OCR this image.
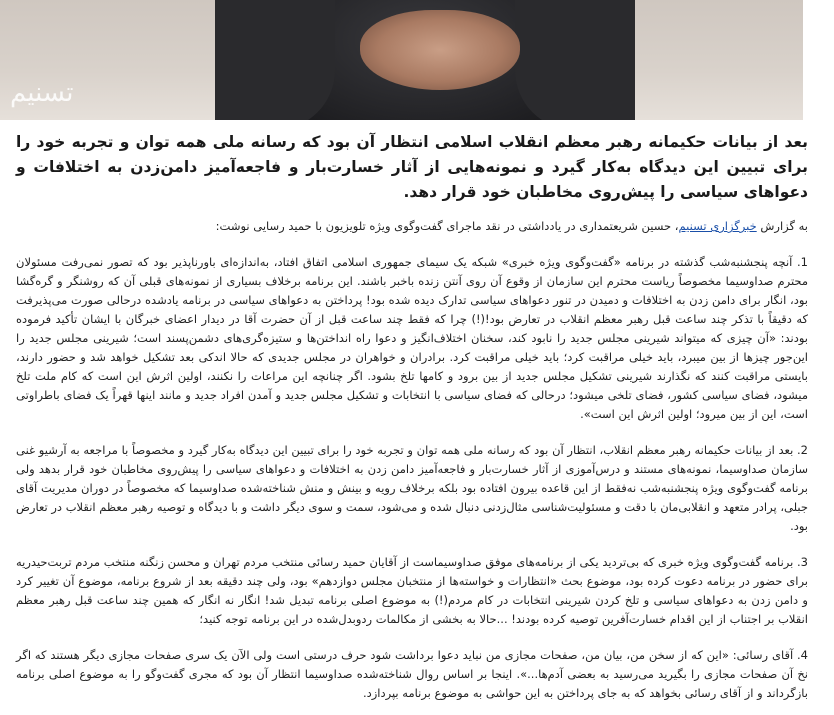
تسنیم

بعد از بیانات حکیمانه رهبر معظم انقلاب اسلامی انتظار آن بود که رسانه ملی همه توان و تجربه خود را برای تبیین این دیدگاه به‌کار گیرد و نمونه‌هایی از آثار خسارت‌بار و فاجعه‌آمیز دامن‌زدن به اختلافات و دعواهای سیاسی را پیش‌روی مخاطبان خود قرار دهد.

به گزارش خبرگزاری تسنیم، حسین شریعتمداری در یادداشتی در نقد ماجرای گفت‌وگوی ویژه تلویزیون با حمید رسایی نوشت:

1. آنچه پنجشنبه‌شب گذشته در برنامه «گفت‌وگوی ویژه خبری» شبکه یک سیمای جمهوری اسلامی اتفاق افتاد، به‌اندازه‌ای باورناپذیر بود که تصور نمی‌رفت مسئولان محترم صداوسیما مخصوصاً ریاست محترم این سازمان از وقوع آن روی آنتن زنده باخبر باشند. این برنامه برخلاف بسیاری از نمونه‌های قبلی آن که روشنگر و گره‌گشا بود، انگار برای دامن زدن به اختلافات و دمیدن در تنور دعواهای سیاسی تدارک دیده شده بود! پرداختن به دعواهای سیاسی در برنامه یادشده درحالی صورت می‌پذیرفت که دقیقاً با تذکر چند ساعت قبل رهبر معظم انقلاب در تعارض بود!(!) چرا که فقط چند ساعت قبل از آن حضرت آقا در دیدار اعضای خبرگان با ایشان تأکید فرموده بودند: «آن چیزی که میتواند شیرینی مجلس جدید را نابود کند، سخنان اختلاف‌انگیز و دعوا راه انداختن‌ها و ستیزه‌گری‌های دشمن‌پسند است؛ شیرینی مجلس جدید را این‌جور چیزها از بین میبرد، باید خیلی مراقبت کرد؛ باید خیلی مراقبت کرد. برادران و خواهران در مجلس جدیدی که حالا اندکی بعد تشکیل خواهد شد و حضور دارند، بایستی مراقبت کنند که نگذارند شیرینی تشکیل مجلس جدید از بین برود و کامها تلخ بشود. اگر چنانچه این مراعات را نکنند، اولین اثرش این است که کام ملت تلخ میشود، فضای سیاسی کشور، فضای تلخی میشود؛ درحالی که فضای سیاسی با انتخابات و تشکیل مجلس جدید و آمدن افراد جدید و مانند اینها قهراً یک فضای باطراوتی است، این از بین میرود؛ اولین اثرش این است».

2. بعد از بیانات حکیمانه رهبر معظم انقلاب، انتظار آن بود که رسانه ملی همه توان و تجربه خود را برای تبیین این دیدگاه به‌کار گیرد و مخصوصاً با مراجعه به آرشیو غنی سازمان صداوسیما، نمونه‌های مستند و درس‌آموزی از آثار خسارت‌بار و فاجعه‌آمیز دامن زدن به اختلافات و دعواهای سیاسی را پیش‌روی مخاطبان خود قرار بدهد ولی برنامه گفت‌وگوی ویژه پنجشنبه‌شب نه‌فقط از این قاعده بیرون افتاده بود بلکه برخلاف رویه و بینش و منش شناخته‌شده صداوسیما که مخصوصاً در دوران مدیریت آقای جبلی، پرادر متعهد و انقلابی‌مان با دقت و مسئولیت‌شناسی مثال‌زدنی دنبال شده و می‌شود، سمت و سوی دیگر داشت و با دیدگاه و توصیه رهبر معظم انقلاب در تعارض بود.

3. برنامه گفت‌وگوی ویژه خبری که بی‌تردید یکی از برنامه‌های موفق صداوسیماست از آقایان حمید رسائی منتخب مردم تهران و محسن زنگنه منتخب مردم تربت‌حیدریه برای حضور در برنامه دعوت کرده بود، موضوع بحث «انتظارات و خواسته‌ها از منتخبان مجلس دوازدهم» بود، ولی چند دقیقه بعد از شروع برنامه، موضوع آن تغییر کرد و دامن زدن به دعواهای سیاسی و تلخ کردن شیرینی انتخابات در کام مردم(!) به موضوع اصلی برنامه تبدیل شد! انگار نه انگار که همین چند ساعت قبل رهبر معظم انقلاب بر اجتناب از این اقدام خسارت‌آفرین توصیه کرده بودند! ...حالا به بخشی از مکالمات ردوبدل‌شده در این برنامه توجه کنید؛

4. آقای رسائی: «این که از سخن من، بیان من، صفحات مجازی من نباید دعوا برداشت شود حرف درستی است ولی الآن یک سری صفحات مجازی دیگر هستند که اگر نخ آن صفحات مجازی را بگیرید می‌رسید به بعضی آدم‌ها...». اینجا بر اساس روال شناخته‌شده صداوسیما انتظار آن بود که مجری گفت‌وگو را به موضوع اصلی برنامه بازگرداند و از آقای رسائی بخواهد که به جای پرداختن به این حواشی به موضوع برنامه بپردازد.
